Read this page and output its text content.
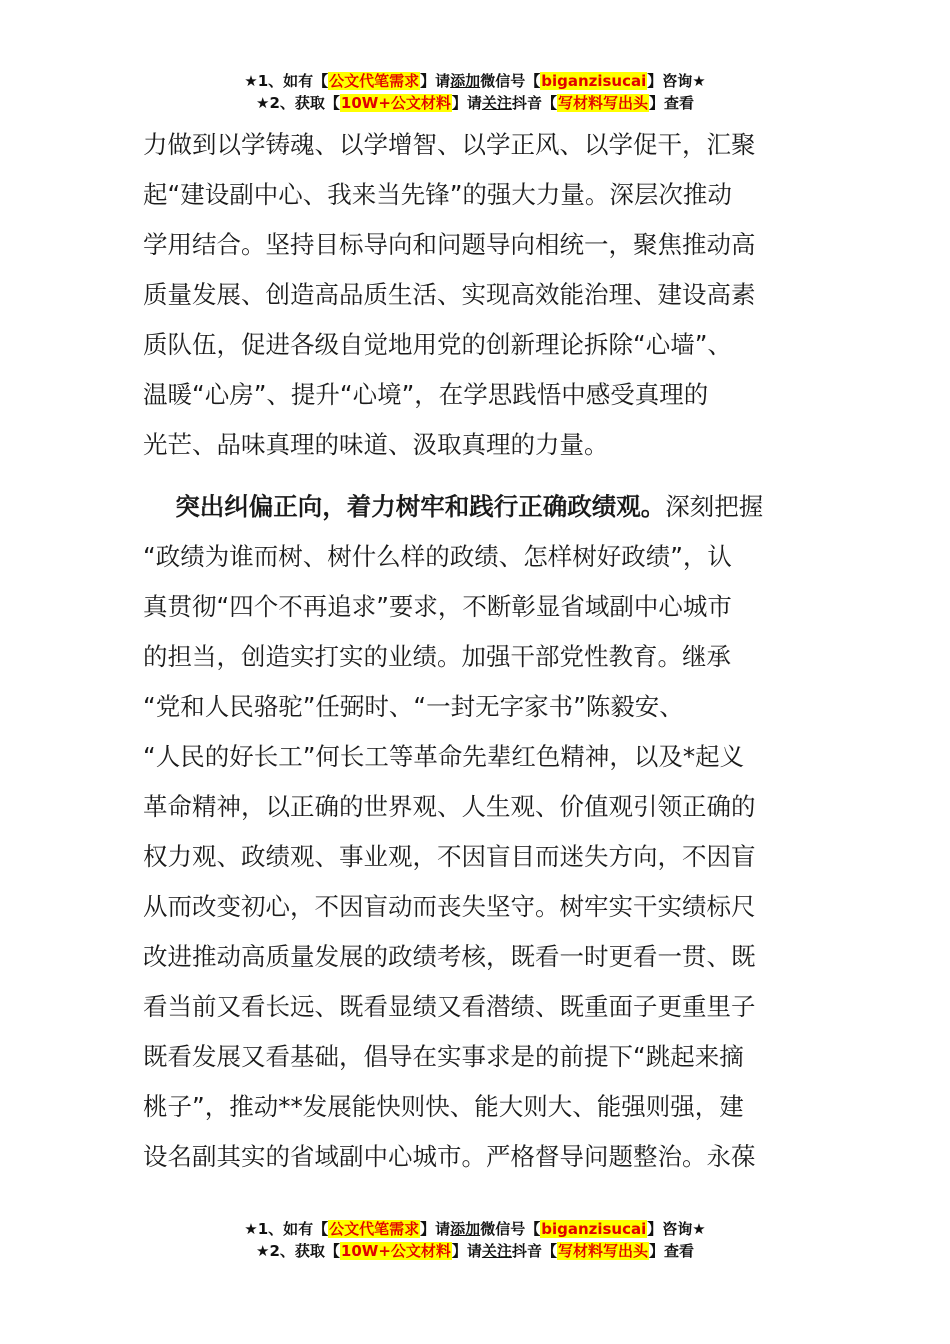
★1、如有【公文代笔需求】请添加微信号【biganzisucai】咨询★
★2、获取【10W+公文材料】请关注抖音【写材料写出头】查看
力做到以学铸魂、以学增智、以学正风、以学促干，汇聚
起“建设副中心、我来当先锋”的强大力量。深层次推动
学用结合。坚持目标导向和问题导向相统一，聚焦推动高
质量发展、创造高品质生活、实现高效能治理、建设高素
质队伍，促进各级自觉地用党的创新理论拆除“心墙”、
温暖“心房”、提升“心境”，在学思践悟中感受真理的
光芒、品味真理的味道、汲取真理的力量。
  突出纠偏正向，着力树牢和践行正确政绩观。深刻把握
“政绩为谁而树、树什么样的政绩、怎样树好政绩”，认
真贯彻“四个不再追求”要求，不断彰显省域副中心城市
的担当，创造实打实的业绩。加强干部党性教育。继承
“党和人民骆驼”任弼时、“一封无字家书”陈毅安、
“人民的好长工”何长工等革命先辈红色精神，以及*起义
革命精神，以正确的世界观、人生观、价值观引领正确的
权力观、政绩观、事业观，不因盲目而迷失方向，不因盲
从而改变初心，不因盲动而丧失坚守。树牢实干实绩标尺
改进推动高质量发展的政绩考核，既看一时更看一贯、既
看当前又看长远、既看显绩又看潜绩、既重面子更重里子
既看发展又看基础，倡导在实事求是的前提下“跳起来摘
桃子”，推动**发展能快则快、能大则大、能强则强，建
设名副其实的省域副中心城市。严格督导问题整治。永葆
★1、如有【公文代笔需求】请添加微信号【biganzisucai】咨询★
★2、获取【10W+公文材料】请关注抖音【写材料写出头】查看
